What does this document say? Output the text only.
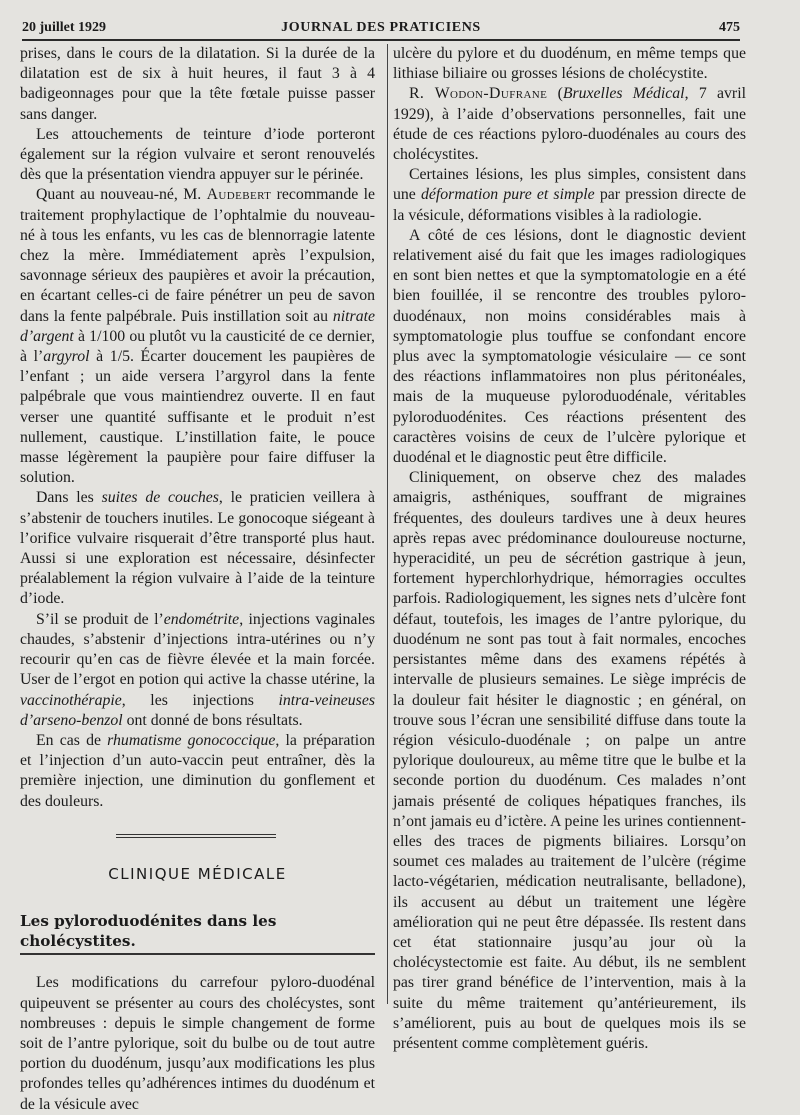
20 juillet 1929	JOURNAL DES PRATICIENS	475

prises, dans le cours de la dilatation. Si la durée de la dilatation est de six à huit heures, il faut 3 à 4 badigeonnages pour que la tête fœtale puisse passer sans danger.

Les attouchements de teinture d’iode porteront également sur la région vulvaire et seront renouvelés dès que la présentation viendra appuyer sur le périnée.

Quant au nouveau-né, M. Audebert recommande le traitement prophylactique de l’ophtalmie du nouveau-né à tous les enfants, vu les cas de blennorragie latente chez la mère. Immédiatement après l’expulsion, savonnage sérieux des paupières et avoir la précaution, en écartant celles-ci de faire pénétrer un peu de savon dans la fente palpébrale. Puis instillation soit au nitrate d’argent à 1/100 ou plutôt vu la causticité de ce dernier, à l’argyrol à 1/5. Écarter doucement les paupières de l’enfant ; un aide versera l’argyrol dans la fente palpébrale que vous maintiendrez ouverte. Il en faut verser une quantité suffisante et le produit n’est nullement, caustique. L’instillation faite, le pouce masse légèrement la paupière pour faire diffuser la solution.

Dans les suites de couches, le praticien veillera à s’abstenir de touchers inutiles. Le gonocoque siégeant à l’orifice vulvaire risquerait d’être transporté plus haut. Aussi si une exploration est nécessaire, désinfecter préalablement la région vulvaire à l’aide de la teinture d’iode.

S’il se produit de l’endométrite, injections vaginales chaudes, s’abstenir d’injections intra-utérines ou n’y recourir qu’en cas de fièvre élevée et la main forcée. User de l’ergot en potion qui active la chasse utérine, la vaccinothérapie, les injections intra-veineuses d’arseno-benzol ont donné de bons résultats.

En cas de rhumatisme gonococcique, la préparation et l’injection d’un auto-vaccin peut entraîner, dès la première injection, une diminution du gonflement et des douleurs.

CLINIQUE MÉDICALE
Les pyloroduodénites dans les cholécystites.

Les modifications du carrefour pyloro-duodénal quipeuvent se présenter au cours des cholécystes, sont nombreuses : depuis le simple changement de forme soit de l’antre pylorique, soit du bulbe ou de tout autre portion du duodénum, jusqu’aux modifications les plus profondes telles qu’adhérences intimes du duodénum et de la vésicule avec

ulcère du pylore et du duodénum, en même temps que lithiase biliaire ou grosses lésions de cholécystite.

R. Wodon-Dufrane (Bruxelles Médical, 7 avril 1929), à l’aide d’observations personnelles, fait une étude de ces réactions pyloro-duodénales au cours des cholécystites.

Certaines lésions, les plus simples, consistent dans une déformation pure et simple par pression directe de la vésicule, déformations visibles à la radiologie.

A côté de ces lésions, dont le diagnostic devient relativement aisé du fait que les images radiologiques en sont bien nettes et que la symptomatologie en a été bien fouillée, il se rencontre des troubles pyloro-duodénaux, non moins considérables mais à symptomatologie plus touffue se confondant encore plus avec la symptomatologie vésiculaire — ce sont des réactions inflammatoires non plus péritonéales, mais de la muqueuse pyloroduodénale, véritables pyloroduodénites. Ces réactions présentent des caractères voisins de ceux de l’ulcère pylorique et duodénal et le diagnostic peut être difficile.

Cliniquement, on observe chez des malades amaigris, asthéniques, souffrant de migraines fréquentes, des douleurs tardives une à deux heures après repas avec prédominance douloureuse nocturne, hyperacidité, un peu de sécrétion gastrique à jeun, fortement hyperchlorhydrique, hémorragies occultes parfois. Radiologiquement, les signes nets d’ulcère font défaut, toutefois, les images de l’antre pylorique, du duodénum ne sont pas tout à fait normales, encoches persistantes même dans des examens répétés à intervalle de plusieurs semaines. Le siège imprécis de la douleur fait hésiter le diagnostic ; en général, on trouve sous l’écran une sensibilité diffuse dans toute la région vésiculo-duodénale ; on palpe un antre pylorique douloureux, au même titre que le bulbe et la seconde portion du duodénum. Ces malades n’ont jamais présenté de coliques hépatiques franches, ils n’ont jamais eu d’ictère. A peine les urines contiennent-elles des traces de pigments biliaires. Lorsqu’on soumet ces malades au traitement de l’ulcère (régime lacto-végétarien, médication neutralisante, belladone), ils accusent au début un traitement une légère amélioration qui ne peut être dépassée. Ils restent dans cet état stationnaire jusqu’au jour où la cholécystectomie est faite. Au début, ils ne semblent pas tirer grand bénéfice de l’intervention, mais à la suite du même traitement qu’antérieurement, ils s’améliorent, puis au bout de quelques mois ils se présentent comme complètement guéris.
